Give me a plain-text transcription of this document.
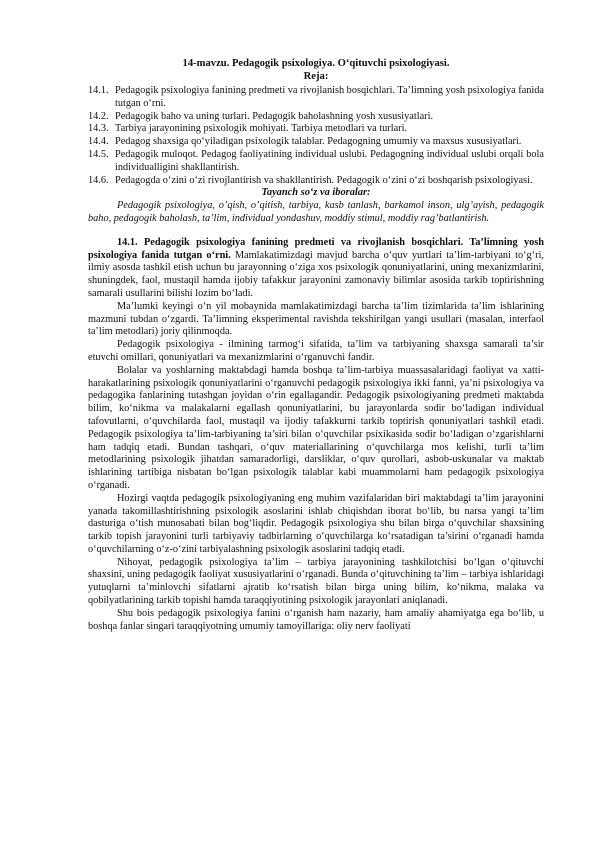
14-mavzu. Pedagogik psixologiya. O‘qituvchi psixologiyasi.

Reja:

14.1. Pedagogik psixologiya fanining predmeti va rivojlanish bosqichlari. Ta’limning yosh psixologiya fanida tutgan o‘rni.
14.2. Pedagogik baho va uning turlari. Pedagogik baholashning yosh xususiyatlari.
14.3. Tarbiya jarayonining psixologik mohiyati. Tarbiya metodlari va turlari.
14.4. Pedagog shaxsiga qo‘yiladigan psixologik talablar. Pedagogning umumiy va maxsus xususiyatlari.
14.5. Pedagogik muloqot. Pedagog faoliyatining individual uslubi. Pedagogning individual uslubi orqali bola individualligini shakllantirish.
14.6. Pedagogda o‘zini o‘zi rivojlantirish va shakllantirish. Pedagogik o‘zini o‘zi boshqarish psixologiyasi.

Tayanch so‘z va iboralar:

Pedagogik psixologiya, o’qish, o’qitish, tarbiya, kasb tanlash, barkamol inson, ulg’ayish, pedagogik baho, pedagogik baholash, ta’lim, individual yondashuv, moddiy stimul, moddiy rag’batlantirish.

14.1. Pedagogik psixologiya fanining predmeti va rivojlanish bosqichlari. Ta’limning yosh psixologiya fanida tutgan o‘rni. Mamlakatimizdagi mavjud barcha o‘quv yurtlari ta’lim-tarbiyani to‘g‘ri, ilmiy asosda tashkil etish uchun bu jarayonning o‘ziga xos psixologik qonuniyatlarini, uning mexanizmlarini, shuningdek, faol, mustaqil hamda ijobiy tafakkur jarayonini zamonaviy bilimlar asosida tarkib toptirishning samarali usullarini bilishi lozim bo‘ladi.

Ma’lumki keyingi o‘n yil mobaynida mamlakatimizdagi barcha ta’lim tizimlarida ta’lim ishlarining mazmuni tubdan o‘zgardi. Ta’limning eksperimental ravishda tekshirilgan yangi usullari (masalan, interfaol ta’lim metodlari) joriy qilinmoqda.

Pedagogik psixologiya - ilmining tarmog‘i sifatida, ta’lim va tarbiyaning shaxsga samarali ta’sir etuvchi omillari, qonuniyatlari va mexanizmlarini o‘rganuvchi fandir.

Bolalar va yoshlarning maktabdagi hamda boshqa ta’lim-tarbiya muassasalaridagi faoliyat va xatti-harakatlarining psixologik qonuniyatlarini o‘rganuvchi pedagogik psixologiya ikki fanni, ya’ni psixologiya va pedagogika fanlarining tutashgan joyidan o‘rin egallagandir. Pedagogik psixologiyaning predmeti maktabda bilim, ko‘nikma va malakalarni egallash qonuniyatlarini, bu jarayonlarda sodir bo‘ladigan individual tafovutlarni, o‘quvchilarda faol, mustaqil va ijodiy tafakkurni tarkib toptirish qonuniyatlari tashkil etadi. Pedagogik psixologiya ta’lim-tarbiyaning ta’siri bilan o‘quvchilar psixikasida sodir bo‘ladigan o‘zgarishlarni ham tadqiq etadi. Bundan tashqari, o‘quv materiallarining o‘quvchilarga mos kelishi, turli ta’lim metodlarining psixologik jihatdan samaradorligi, darsliklar, o‘quv qurollari, asbob-uskunalar va maktab ishlarining tartibiga nisbatan bo‘lgan psixologik talablar kabi muammolarni ham pedagogik psixologiya o‘rganadi.

Hozirgi vaqtda pedagogik psixologiyaning eng muhim vazifalaridan biri maktabdagi ta’lim jarayonini yanada takomillashtirishning psixologik asoslarini ishlab chiqishdan iborat bo‘lib, bu narsa yangi ta’lim dasturiga o‘tish munosabati bilan bog‘liqdir. Pedagogik psixologiya shu bilan birga o‘quvchilar shaxsining tarkib topish jarayonini turli tarbiyaviy tadbirlarning o‘quvchilarga ko‘rsatadigan ta’sirini o‘rganadi hamda o‘quvchilarning o‘z-o‘zini tarbiyalashning psixologik asoslarini tadqiq etadi.

Nihoyat, pedagogik psixologiya ta’lim – tarbiya jarayonining tashkilotchisi bo‘lgan o‘qituvchi shaxsini, uning pedagogik faoliyat xususiyatlarini o‘rganadi. Bunda o‘qituvchining ta’lim – tarbiya ishlaridagi yutuqlarni ta’minlovchi sifatlarni ajratib ko‘rsatish bilan birga uning bilim, ko‘nikma, malaka va qobilyatlarining tarkib topishi hamda taraqqiyotining psixologik jarayonlari aniqlanadi.

Shu bois pedagogik psixologiya fanini o‘rganish ham nazariy, ham amaliy ahamiyatga ega bo‘lib, u boshqa fanlar singari taraqqiyotning umumiy tamoyillariga: oliy nerv faoliyati
